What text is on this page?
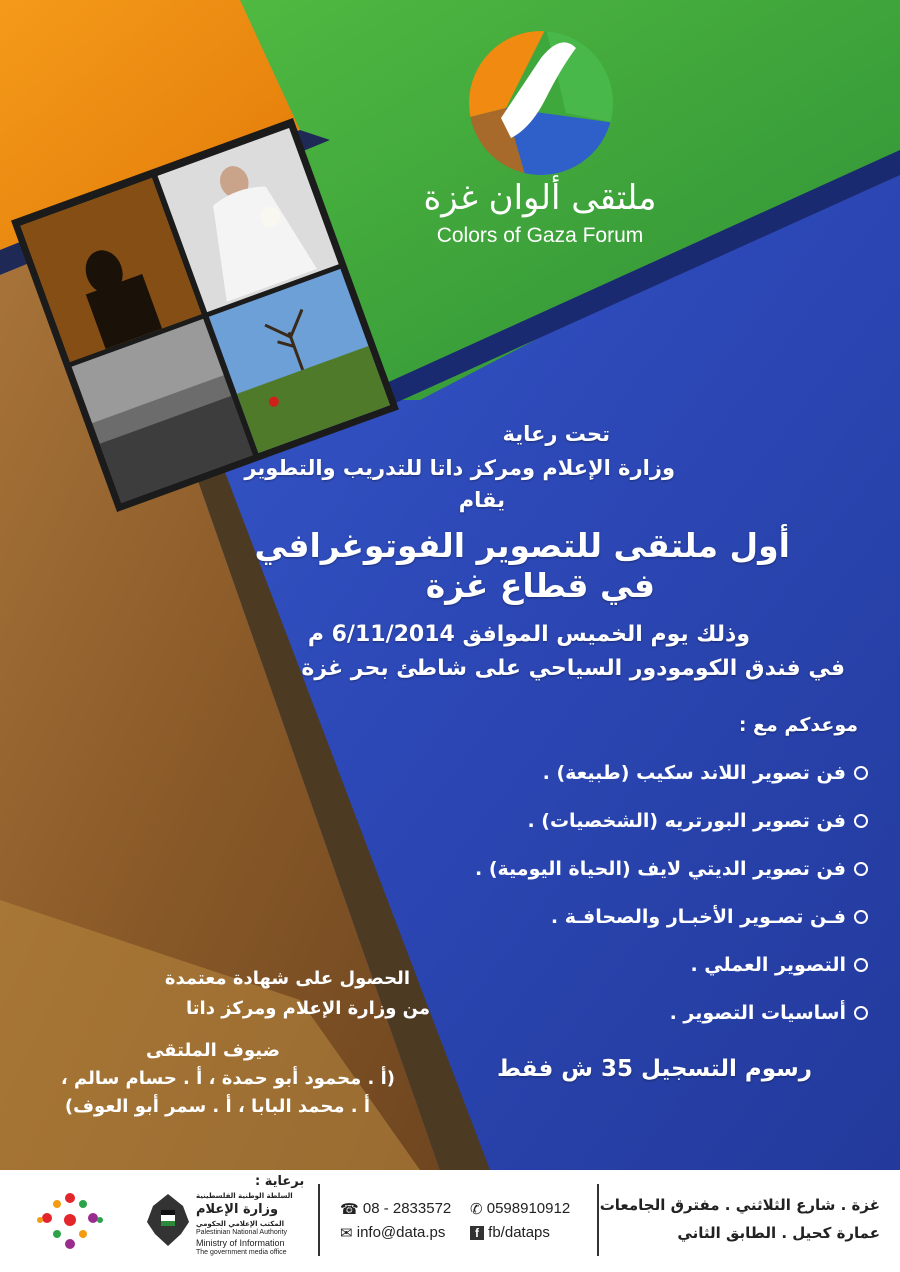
ملتقى ألوان غزة
Colors of Gaza Forum
تحت رعاية
وزارة الإعلام ومركز داتا للتدريب والتطوير
يقام
أول ملتقى للتصوير الفوتوغرافي
في قطاع غزة
وذلك يوم الخميس الموافق 6/11/2014 م
في فندق الكومودور السياحي على شاطئ بحر غزة
موعدكم مع :
فن تصوير اللاند سكيب (طبيعة) .
فن تصوير البورتريه (الشخصيات) .
فن تصوير الديتي لايف (الحياة اليومية) .
فـن تصـوير الأخبـار والصحافـة .
التصوير العملي .
أساسيات التصوير .
رسوم التسجيل 35 ش فقط
الحصول على شهادة معتمدة
من وزارة الإعلام ومركز داتا
ضيوف الملتقى
(أ . محمود أبو حمدة ، أ . حسام سالم ،
أ . محمد البابا ، أ . سمر أبو العوف)
برعاية :
السلطة الوطنية الفلسطينية
وزارة الإعلام
المكتب الإعلامي الحكومي
Palestinian National Authority
Ministry of Information
The government media office
☎ 08 - 2833572 ✆ 0598910912
✉ info@data.ps	f fb/dataps
غزة . شارع الثلاثني . مفترق الجامعات
عمارة كحيل . الطابق الثاني
